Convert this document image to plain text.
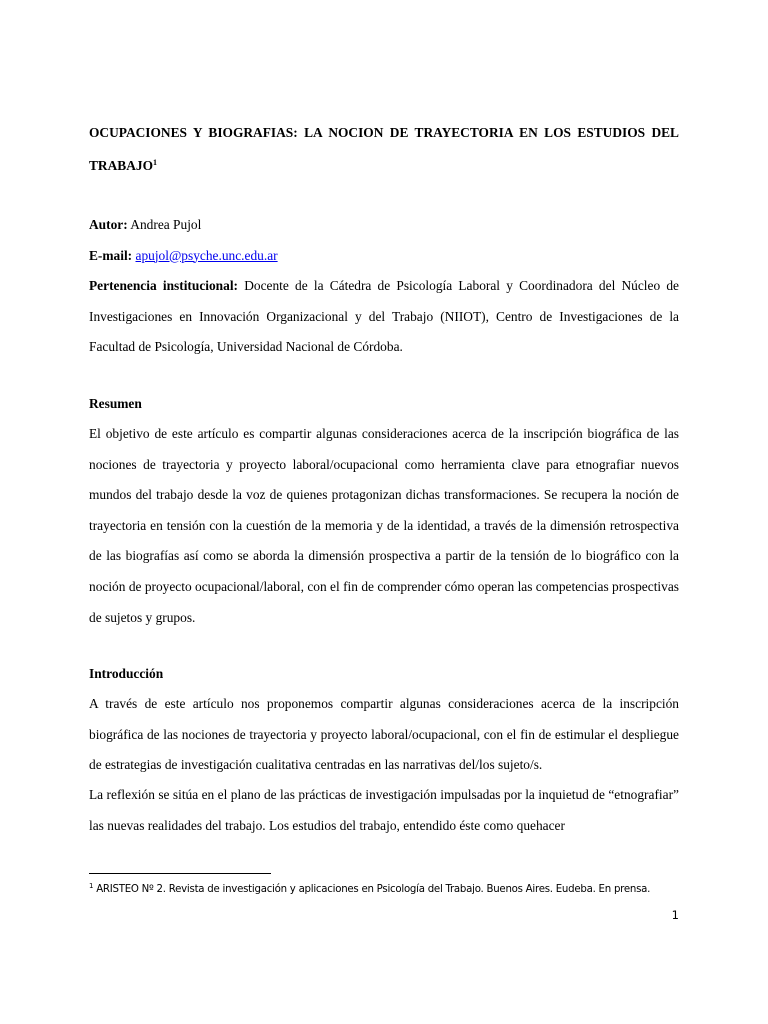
OCUPACIONES Y BIOGRAFIAS: LA NOCION DE TRAYECTORIA EN LOS ESTUDIOS DEL TRABAJO$^1$

Autor: Andrea Pujol

E-mail: apujol@psyche.unc.edu.ar

Pertenencia institucional: Docente de la Cátedra de Psicología Laboral y Coordinadora del Núcleo de Investigaciones en Innovación Organizacional y del Trabajo (NIIOT), Centro de Investigaciones de la Facultad de Psicología, Universidad Nacional de Córdoba.

Resumen

El objetivo de este artículo es compartir algunas consideraciones acerca de la inscripción biográfica de las nociones de trayectoria y proyecto laboral/ocupacional como herramienta clave para etnografiar nuevos mundos del trabajo desde la voz de quienes protagonizan dichas transformaciones. Se recupera la noción de trayectoria en tensión con la cuestión de la memoria y de la identidad, a través de la dimensión retrospectiva de las biografías así como se aborda la dimensión prospectiva a partir de la tensión de lo biográfico con la noción de proyecto ocupacional/laboral, con el fin de comprender cómo operan las competencias prospectivas de sujetos y grupos.

Introducción

A través de este artículo nos proponemos compartir algunas consideraciones acerca de la inscripción biográfica de las nociones de trayectoria y proyecto laboral/ocupacional, con el fin de estimular el despliegue de estrategias de investigación cualitativa centradas en las narrativas del/los sujeto/s.

La reflexión se sitúa en el plano de las prácticas de investigación impulsadas por la inquietud de “etnografiar” las nuevas realidades del trabajo. Los estudios del trabajo, entendido éste como quehacer

$^1$ ARISTEO Nº 2. Revista de investigación y aplicaciones en Psicología del Trabajo. Buenos Aires. Eudeba. En prensa.
1
